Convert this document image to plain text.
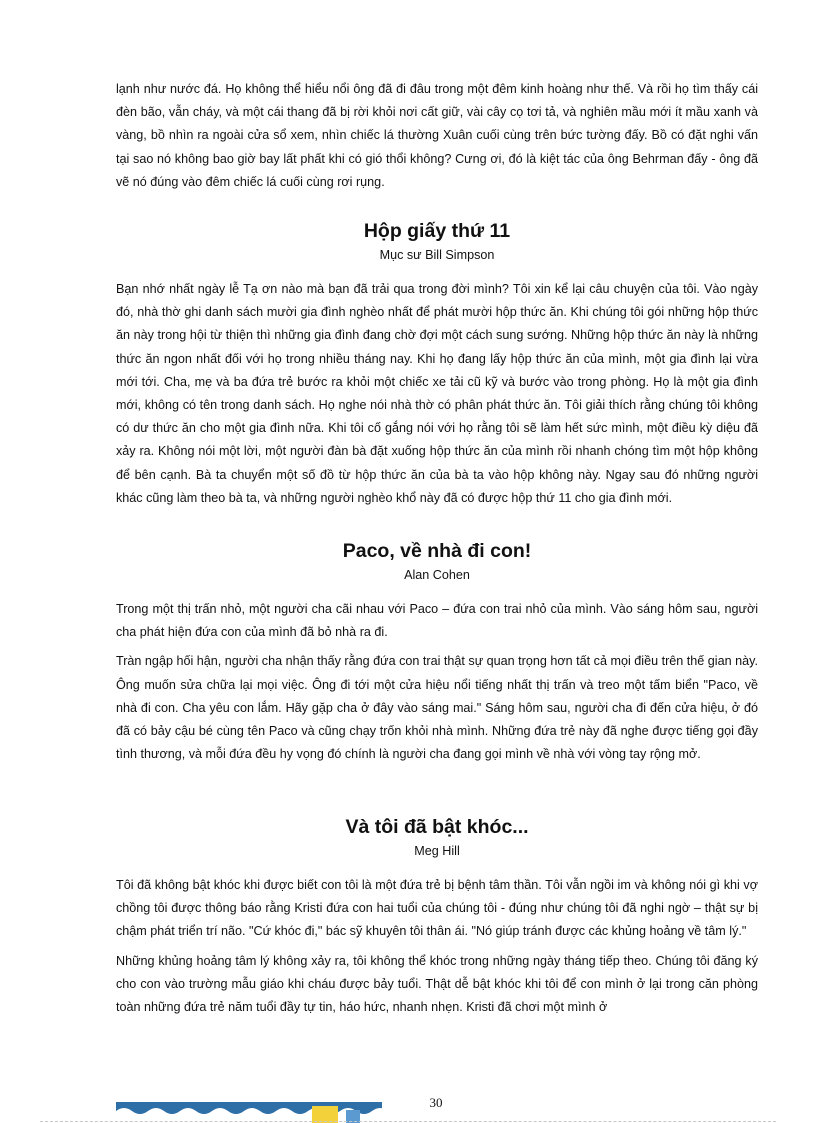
lạnh như nước đá. Họ không thể hiểu nổi ông đã đi đâu trong một đêm kinh hoàng như thế. Và rồi họ tìm thấy cái đèn bão, vẫn cháy, và một cái thang đã bị rời khỏi nơi cất giữ, vài cây cọ tơi tả, và nghiên mầu mới ít mầu xanh và vàng, bồ nhìn ra ngoài cửa sổ xem, nhìn chiếc lá thường Xuân cuối cùng trên bức tường đấy. Bồ có đặt nghi vấn tại sao nó không bao giờ bay lất phất khi có gió thổi không? Cưng ơi, đó là kiệt tác của ông Behrman đấy - ông đã vẽ nó đúng vào đêm chiếc lá cuối cùng rơi rụng.

Hộp giấy thứ 11
Mục sư Bill Simpson

Bạn nhớ nhất ngày lễ Tạ ơn nào mà bạn đã trải qua trong đời mình? Tôi xin kể lại câu chuyện của tôi. Vào ngày đó, nhà thờ ghi danh sách mười gia đình nghèo nhất để phát mười hộp thức ăn. Khi chúng tôi gói những hộp thức ăn này trong hội từ thiện thì những gia đình đang chờ đợi một cách sung sướng. Những hộp thức ăn này là những thức ăn ngon nhất đối với họ trong nhiều tháng nay. Khi họ đang lấy hộp thức ăn của mình, một gia đình lại vừa mới tới. Cha, mẹ và ba đứa trẻ bước ra khỏi một chiếc xe tải cũ kỹ và bước vào trong phòng. Họ là một gia đình mới, không có tên trong danh sách. Họ nghe nói nhà thờ có phân phát thức ăn. Tôi giải thích rằng chúng tôi không có dư thức ăn cho một gia đình nữa. Khi tôi cố gắng nói với họ rằng tôi sẽ làm hết sức mình, một điều kỳ diệu đã xảy ra. Không nói một lời, một người đàn bà đặt xuống hộp thức ăn của mình rồi nhanh chóng tìm một hộp không để bên cạnh. Bà ta chuyển một số đồ từ hộp thức ăn của bà ta vào hộp không này. Ngay sau đó những người khác cũng làm theo bà ta, và những người nghèo khổ này đã có được hộp thứ 11 cho gia đình mới.

Paco, về nhà đi con!
Alan Cohen

Trong một thị trấn nhỏ, một người cha cãi nhau với Paco – đứa con trai nhỏ của mình. Vào sáng hôm sau, người cha phát hiện đứa con của mình đã bỏ nhà ra đi.

Tràn ngập hối hận, người cha nhận thấy rằng đứa con trai thật sự quan trọng hơn tất cả mọi điều trên thế gian này. Ông muốn sửa chữa lại mọi việc. Ông đi tới một cửa hiệu nổi tiếng nhất thị trấn và treo một tấm biển "Paco, về nhà đi con. Cha yêu con lắm. Hãy gặp cha ở đây vào sáng mai." Sáng hôm sau, người cha đi đến cửa hiệu, ở đó đã có bảy cậu bé cùng tên Paco và cũng chạy trốn khỏi nhà mình. Những đứa trẻ này đã nghe được tiếng gọi đầy tình thương, và mỗi đứa đều hy vọng đó chính là người cha đang gọi mình về nhà với vòng tay rộng mở.

Và tôi đã bật khóc...
Meg Hill

Tôi đã không bật khóc khi được biết con tôi là một đứa trẻ bị bệnh tâm thần. Tôi vẫn ngồi im và không nói gì khi vợ chồng tôi được thông báo rằng Kristi đứa con hai tuổi của chúng tôi - đúng như chúng tôi đã nghi ngờ – thật sự bị chậm phát triển trí não. "Cứ khóc đi," bác sỹ khuyên tôi thân ái. "Nó giúp tránh được các khủng hoảng về tâm lý."

Những khủng hoảng tâm lý không xảy ra, tôi không thể khóc trong những ngày tháng tiếp theo. Chúng tôi đăng ký cho con vào trường mẫu giáo khi cháu được bảy tuổi. Thật dễ bật khóc khi tôi để con mình ở lại trong căn phòng toàn những đứa trẻ năm tuổi đầy tự tin, háo hức, nhanh nhẹn. Kristi đã chơi một mình ở

30
